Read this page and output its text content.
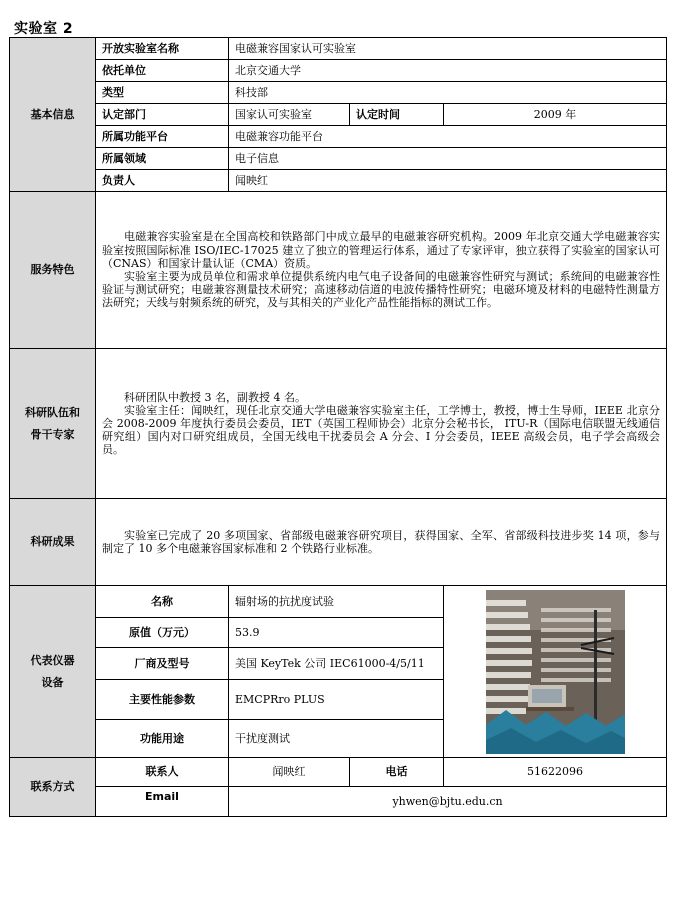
实验室 2
基本信息	开放实验室名称	电磁兼容国家认可实验室		
	依托单位	北京交通大学		
	类型	科技部		
	认定部门	国家认可实验室	认定时间	2009 年
	所属功能平台	电磁兼容功能平台		
	所属领域	电子信息		
	负责人	闻映红		
服务特色	电磁兼容实验室是在全国高校和铁路部门中成立最早的电磁兼容研究机构。2009 年北京交通大学电磁兼容实验室按照国际标准 ISO/IEC-17025 建立了独立的管理运行体系，通过了专家评审，独立获得了实验室的国家认可（CNAS）和国家计量认证（CMA）资质。

实验室主要为成员单位和需求单位提供系统内电气电子设备间的电磁兼容性研究与测试；系统间的电磁兼容性验证与测试研究；电磁兼容测量技术研究；高速移动信道的电波传播特性研究；电磁环境及材料的电磁特性测量方法研究；天线与射频系统的研究，及与其相关的产业化产品性能指标的测试工作。			

科研队伍和骨干专家	科研团队中教授 3 名，副教授 4 名。

实验室主任：闻映红，现任北京交通大学电磁兼容实验室主任，工学博士，教授，博士生导师，IEEE 北京分会 2008-2009 年度执行委员会委员，IET（英国工程师协会）北京分会秘书长， ITU-R（国际电信联盟无线通信研究组）国内对口研究组成员，全国无线电干扰委员会 A 分会、I 分会委员，IEEE 高级会员，电子学会高级会员。			

科研成果	实验室已完成了 20 多项国家、省部级电磁兼容研究项目，获得国家、全军、省部级科技进步奖 14 项，参与制定了 10 多个电磁兼容国家标准和 2 个铁路行业标准。			

代表仪器设备	名称	辐射场的抗扰度试验	

	原值（万元）	53.9		
	厂商及型号	美国 KeyTek 公司 IEC61000-4/5/11		
	主要性能参数	EMCPRro PLUS		
	功能用途	干扰度测试		
联系方式	联系人	闻映红	电话	51622096
	Email	yhwen@bjtu.edu.cn		
